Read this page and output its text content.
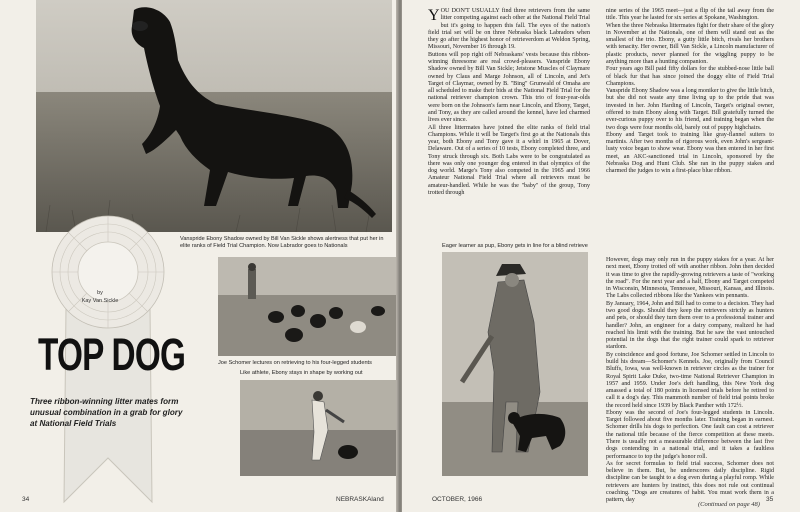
Vanspride Ebony Shadow owned by Bill Van Sickle shows alertness that put her in elite ranks of Field Trial Champion. Now Labrador goes to Nationals
by
Kay Van Sickle
TOP DOG

Three ribbon-winning litter mates form unusual combination in a grab for glory at National Field Trials

Joe Schomer lectures on retrieving to his four-legged students
Like athlete, Ebony stays in shape by working out
34	NEBRASKAland
YOU DON'T USUALLY find three retrievers from the same litter competing against each other at the National Field Trial but it's going to happen this fall. The eyes of the nation's field trial set will be on three Nebraska black Labradors when they go after the highest honor of retrieverdom at Weldon Spring, Missouri, November 16 through 19.
Buttons will pop right off Nebraskans' vests because this ribbon-winning threesome are real crowd-pleasers. Vanspride Ebony Shadow owned by Bill Van Sickle; Jetstone Muscles of Claymare owned by Claus and Marge Johnson, all of Lincoln, and Jet's Target of Claymar, owned by B. "Bing" Grunwald of Omaha are all scheduled to make their bids at the National Field Trial for the national retriever champion crown. This trio of four-year-olds were born on the Johnson's farm near Lincoln, and Ebony, Target, and Tony, as they are called around the kennel, have led charmed lives ever since.
All three littermates have joined the elite ranks of field trial Champions. While it will be Target's first go at the Nationals this year, both Ebony and Tony gave it a whirl in 1965 at Dover, Delaware. Out of a series of 10 tests, Ebony completed three, and Tony struck through six. Both Labs were to be congratulated as there was only one younger dog entered in that olympics of the dog world. Marge's Tony also competed in the 1965 and 1966 Amateur National Field Trial where all retrievers must be amateur-handled. While he was the "baby" of the group, Tony trotted through
Eager learner as pup, Ebony gets in line for a blind retrieve
nine series of the 1965 meet—just a flip of the tail away from the title. This year he lasted for six series at Spokane, Washington.
When the three Nebraska littermates fight for their share of the glory in November at the Nationals, one of them will stand out as the smallest of the trio. Ebony, a gutty little bitch, rivals her brothers with tenacity. Her owner, Bill Van Sickle, a Lincoln manufacturer of plastic products, never planned for the wiggling puppy to be anything more than a hunting companion.
Four years ago Bill paid fifty dollars for the stubbed-nose little ball of black fur that has since joined the doggy elite of Field Trial Champions.
Vanspride Ebony Shadow was a long moniker to give the little bitch, but she did not waste any time living up to the pride that was invested in her. John Harding of Lincoln, Target's original owner, offered to train Ebony along with Target. Bill gratefully turned the ever-curious puppy over to his friend, and training began when the two dogs were four months old, barely out of puppy highchairs.
Ebony and Target took to training like gray-flannel suiters to martinis. After two months of rigorous work, even John's sergeant-lusty voice began to show wear. Ebony was then entered in her first meet, an AKC-sanctioned trial in Lincoln, sponsored by the Nebraska Dog and Hunt Club. She ran in the puppy stakes and charmed the judges to win a first-place blue ribbon.
However, dogs may only run in the puppy stakes for a year. At her next meet, Ebony trotted off with another ribbon. John then decided it was time to give the rapidly-growing retrievers a taste of "working the road". For the next year and a half, Ebony and Target competed in Wisconsin, Minnesota, Tennessee, Missouri, Kansas, and Illinois. The Labs collected ribbons like the Yankees win pennants.
By January, 1964, John and Bill had to come to a decision. They had two good dogs. Should they keep the retrievers strictly as hunters and pets, or should they turn them over to a professional trainer and handler? John, an engineer for a dairy company, realized he had reached his limit with the training. But he saw the vast untouched potential in the dogs that the right trainer could spark to retriever stardom.
By coincidence and good fortune, Joe Schomer settled in Lincoln to build his dream—Schomer's Kennels. Joe, originally from Council Bluffs, Iowa, was well-known in retriever circles as the trainer for Royal Spirit Lake Duke, two-time National Retriever Champion in 1957 and 1959. Under Joe's deft handling, this New York dog amassed a total of 180 points in licensed trials before he retired to call it a dog's day. This mammoth number of field trial points broke the record held since 1939 by Black Panther with 172½.
Ebony was the second of Joe's four-legged students in Lincoln. Target followed about five months later. Training began in earnest. Schomer drills his dogs to perfection. One fault can cost a retriever the national title because of the fierce competition at these meets. There is usually not a measurable difference between the last five dogs contending in a national trial, and it takes a faultless performance to top the judge's honor roll.
As for secret formulas to field trial success, Schomer does not believe in them. But, he underscores daily discipline. Rigid discipline can be taught to a dog even during a playful romp. While retrievers are hunters by instinct, this does not rule out continual coaching. "Dogs are creatures of habit. You must work them in a pattern, day
(Continued on page 48)
OCTOBER, 1966	35
